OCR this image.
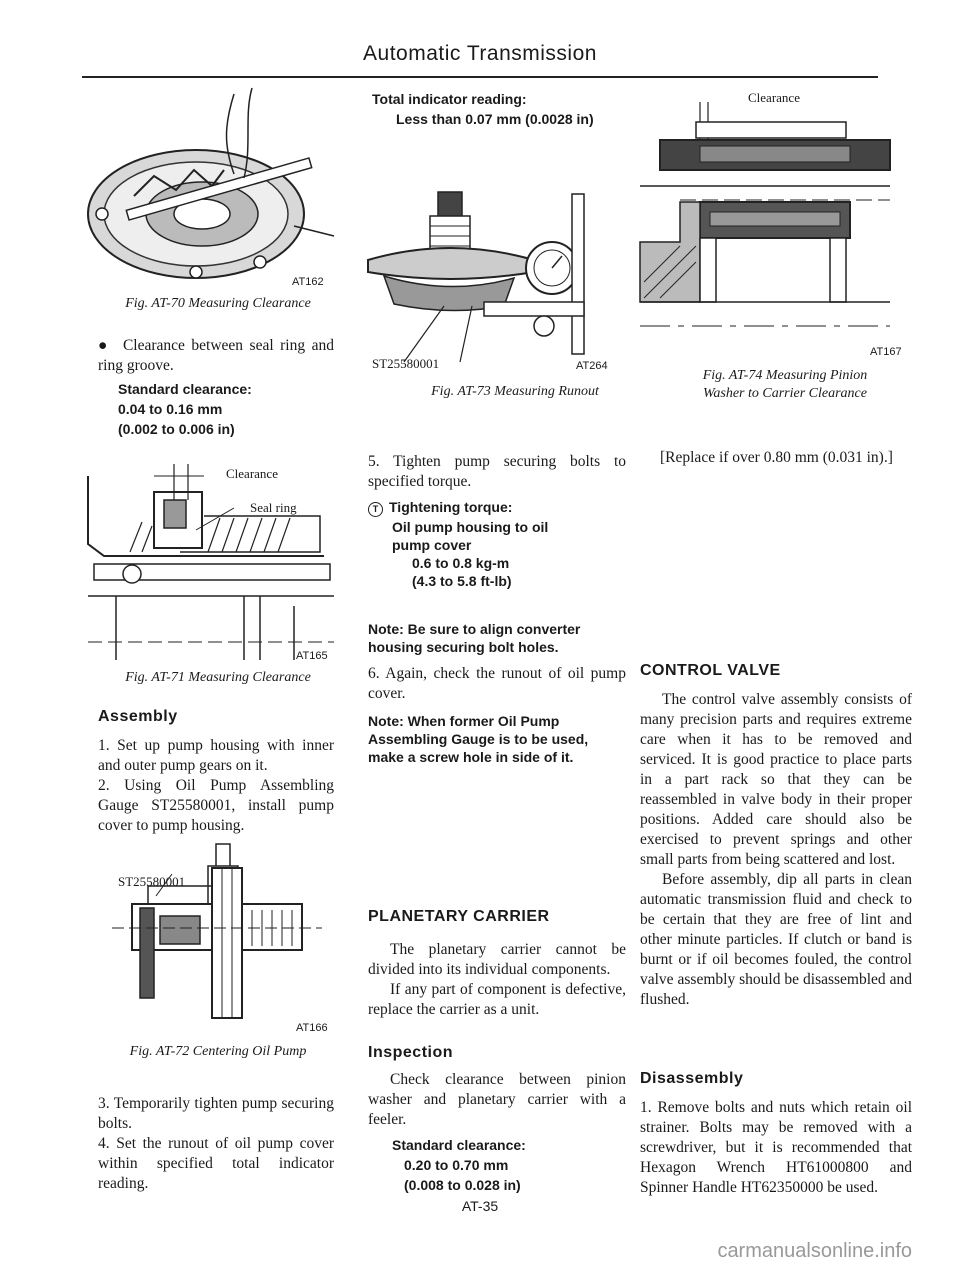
Automatic Transmission
AT162
Fig. AT-70 Measuring Clearance

●  Clearance between seal ring and ring groove.

Standard clearance:
0.04 to 0.16 mm
(0.002 to 0.006 in)
Clearance
Seal ring
AT165
Fig. AT-71 Measuring Clearance
Assembly

1. Set up pump housing with inner and outer pump gears on it.

2. Using Oil Pump Assembling Gauge ST25580001, install pump cover to pump housing.

ST25580001
AT166
Fig. AT-72 Centering Oil Pump

3. Temporarily tighten pump securing bolts.

4. Set the runout of oil pump cover within specified total indicator reading.

Total indicator reading:
Less than 0.07 mm (0.0028 in)
ST25580001	AT264
Fig. AT-73 Measuring Runout

5. Tighten pump securing bolts to specified torque.

T Tightening torque:
Oil pump housing to oil
pump cover
0.6 to 0.8 kg-m
(4.3 to 5.8 ft-lb)
Note: Be sure to align converter housing securing bolt holes.

6. Again, check the runout of oil pump cover.

Note: When former Oil Pump Assembling Gauge is to be used, make a screw hole in side of it.
PLANETARY CARRIER

The planetary carrier cannot be divided into its individual components.

If any part of component is defective, replace the carrier as a unit.

Inspection

Check clearance between pinion washer and planetary carrier with a feeler.

Standard clearance:
0.20 to 0.70 mm
(0.008 to 0.028 in)
Clearance
AT167
Fig. AT-74 Measuring Pinion
Washer to Carrier Clearance

[Replace if over 0.80 mm (0.031 in).]

CONTROL VALVE

The control valve assembly consists of many precision parts and requires extreme care when it has to be removed and serviced. It is good practice to place parts in a part rack so that they can be reassembled in valve body in their proper positions. Added care should also be exercised to prevent springs and other small parts from being scattered and lost.

Before assembly, dip all parts in clean automatic transmission fluid and check to be certain that they are free of lint and other minute particles. If clutch or band is burnt or if oil becomes fouled, the control valve assembly should be disassembled and flushed.

Disassembly

1. Remove bolts and nuts which retain oil strainer. Bolts may be removed with a screwdriver, but it is recommended that Hexagon Wrench HT61000800 and Spinner Handle HT62350000 be used.

AT-35
carmanualsonline.info
